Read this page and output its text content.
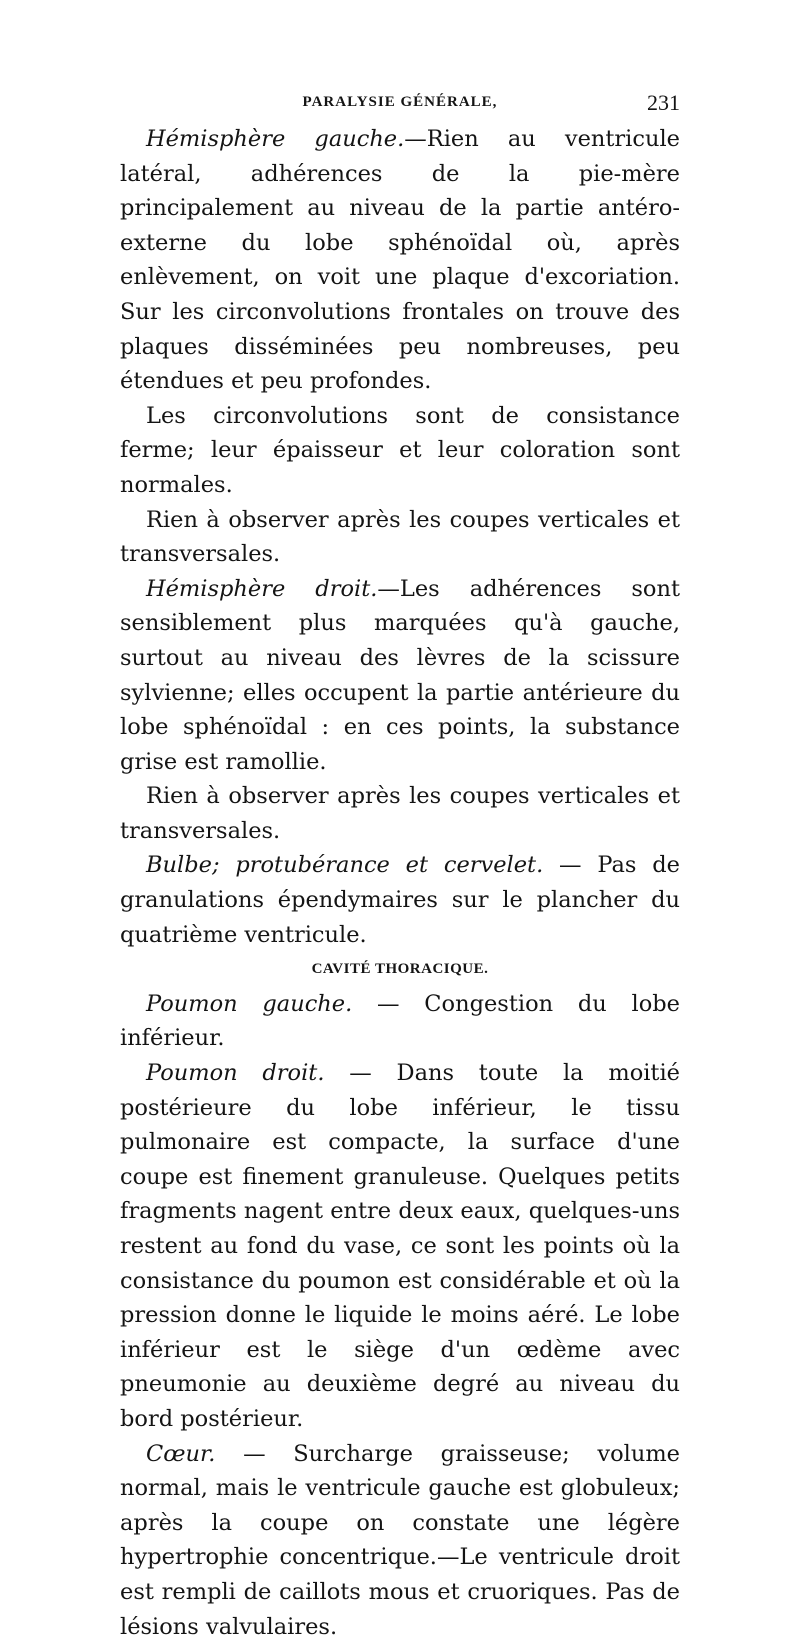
PARALYSIE GÉNÉRALE,	231

Hémisphère gauche.—Rien au ventricule latéral, adhérences de la pie-mère principalement au niveau de la partie antéro-externe du lobe sphénoïdal où, après enlèvement, on voit une plaque d'excoriation. Sur les circonvolutions frontales on trouve des plaques disséminées peu nombreuses, peu étendues et peu profondes.

Les circonvolutions sont de consistance ferme; leur épaisseur et leur coloration sont normales.

Rien à observer après les coupes verticales et transversales.

Hémisphère droit.—Les adhérences sont sensiblement plus marquées qu'à gauche, surtout au niveau des lèvres de la scissure sylvienne; elles occupent la partie antérieure du lobe sphénoïdal : en ces points, la substance grise est ramollie.

Rien à observer après les coupes verticales et transversales.

Bulbe; protubérance et cervelet. — Pas de granulations épendymaires sur le plancher du quatrième ventricule.

CAVITÉ THORACIQUE.

Poumon gauche. — Congestion du lobe inférieur.

Poumon droit. — Dans toute la moitié postérieure du lobe inférieur, le tissu pulmonaire est compacte, la surface d'une coupe est finement granuleuse. Quelques petits fragments nagent entre deux eaux, quelques-uns restent au fond du vase, ce sont les points où la consistance du poumon est considérable et où la pression donne le liquide le moins aéré. Le lobe inférieur est le siège d'un œdème avec pneumonie au deuxième degré au niveau du bord postérieur.

Cœur. — Surcharge graisseuse; volume normal, mais le ventricule gauche est globuleux; après la coupe on constate une légère hypertrophie concentrique.—Le ventricule droit est rempli de caillots mous et cruoriques. Pas de lésions valvulaires.
